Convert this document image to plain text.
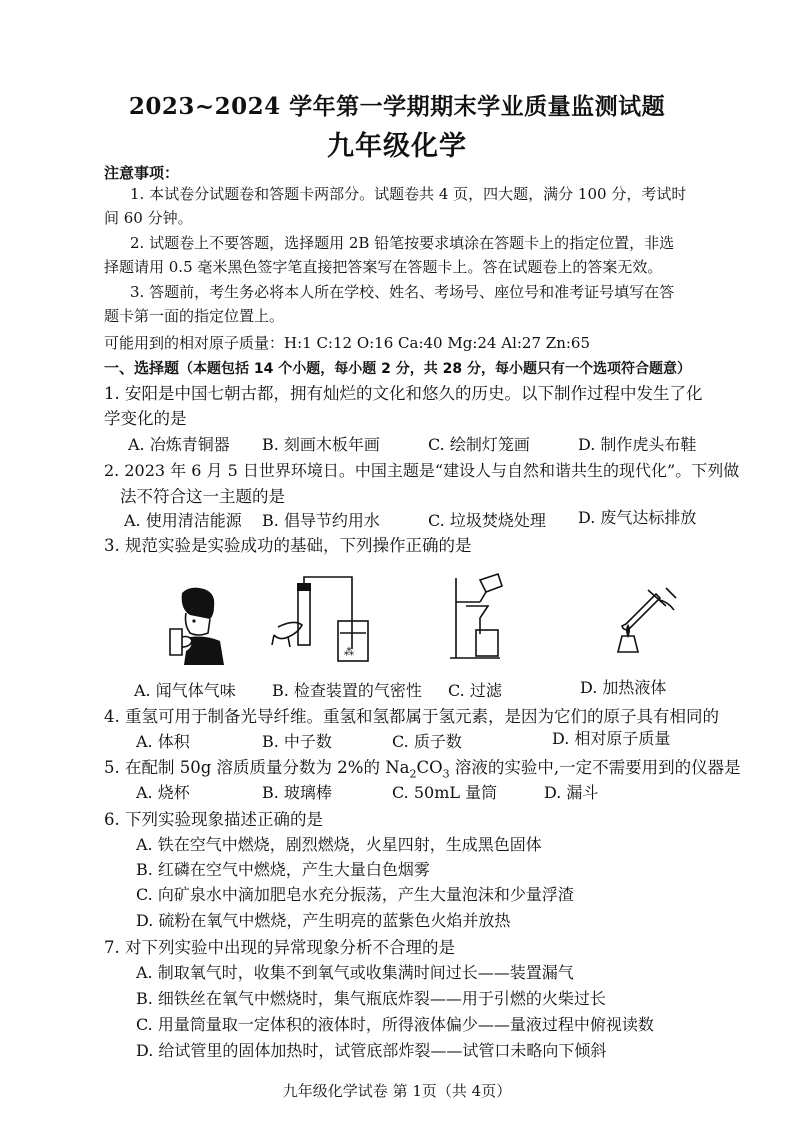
2023~2024 学年第一学期期末学业质量监测试题
九年级化学
注意事项：
1. 本试卷分试题卷和答题卡两部分。试题卷共 4 页，四大题，满分 100 分，考试时
间 60 分钟。
2. 试题卷上不要答题，选择题用 2B 铅笔按要求填涂在答题卡上的指定位置，非选
择题请用 0.5 毫米黑色签字笔直接把答案写在答题卡上。答在试题卷上的答案无效。
3. 答题前，考生务必将本人所在学校、姓名、考场号、座位号和准考证号填写在答
题卡第一面的指定位置上。
可能用到的相对原子质量：H:1 C:12 O:16 Ca:40 Mg:24 Al:27 Zn:65
一、选择题（本题包括 14 个小题，每小题 2 分，共 28 分，每小题只有一个选项符合题意）
1. 安阳是中国七朝古都，拥有灿烂的文化和悠久的历史。以下制作过程中发生了化
学变化的是
A. 冶炼青铜器 B. 刻画木板年画	C. 绘制灯笼画	D. 制作虎头布鞋
2. 2023 年 6 月 5 日世界环境日。中国主题是“建设人与自然和谐共生的现代化”。下列做
法不符合这一主题的是
A. 使用清洁能源 B. 倡导节约用水	C. 垃圾焚烧处理 D. 废气达标排放
3. 规范实验是实验成功的基础，下列操作正确的是
⁂
A. 闻气体气味 B. 检查装置的气密性 C. 过滤	D. 加热液体
4. 重氢可用于制备光导纤维。重氢和氢都属于氢元素，是因为它们的原子具有相同的
A. 体积	B. 中子数	C. 质子数	D. 相对原子质量
5. 在配制 50g 溶质质量分数为 2%的 $Na_2CO_3$ 溶液的实验中,一定不需要用到的仪器是
A. 烧杯	B. 玻璃棒	C. 50mL 量筒	D. 漏斗
6. 下列实验现象描述正确的是
A. 铁在空气中燃烧，剧烈燃烧，火星四射，生成黑色固体
B. 红磷在空气中燃烧，产生大量白色烟雾
C. 向矿泉水中滴加肥皂水充分振荡，产生大量泡沫和少量浮渣
D. 硫粉在氧气中燃烧，产生明亮的蓝紫色火焰并放热
7. 对下列实验中出现的异常现象分析不合理的是
A. 制取氧气时，收集不到氧气或收集满时间过长——装置漏气
B. 细铁丝在氧气中燃烧时，集气瓶底炸裂——用于引燃的火柴过长
C. 用量筒量取一定体积的液体时，所得液体偏少——量液过程中俯视读数
D. 给试管里的固体加热时，试管底部炸裂——试管口未略向下倾斜
九年级化学试卷 第 1页（共 4页）
